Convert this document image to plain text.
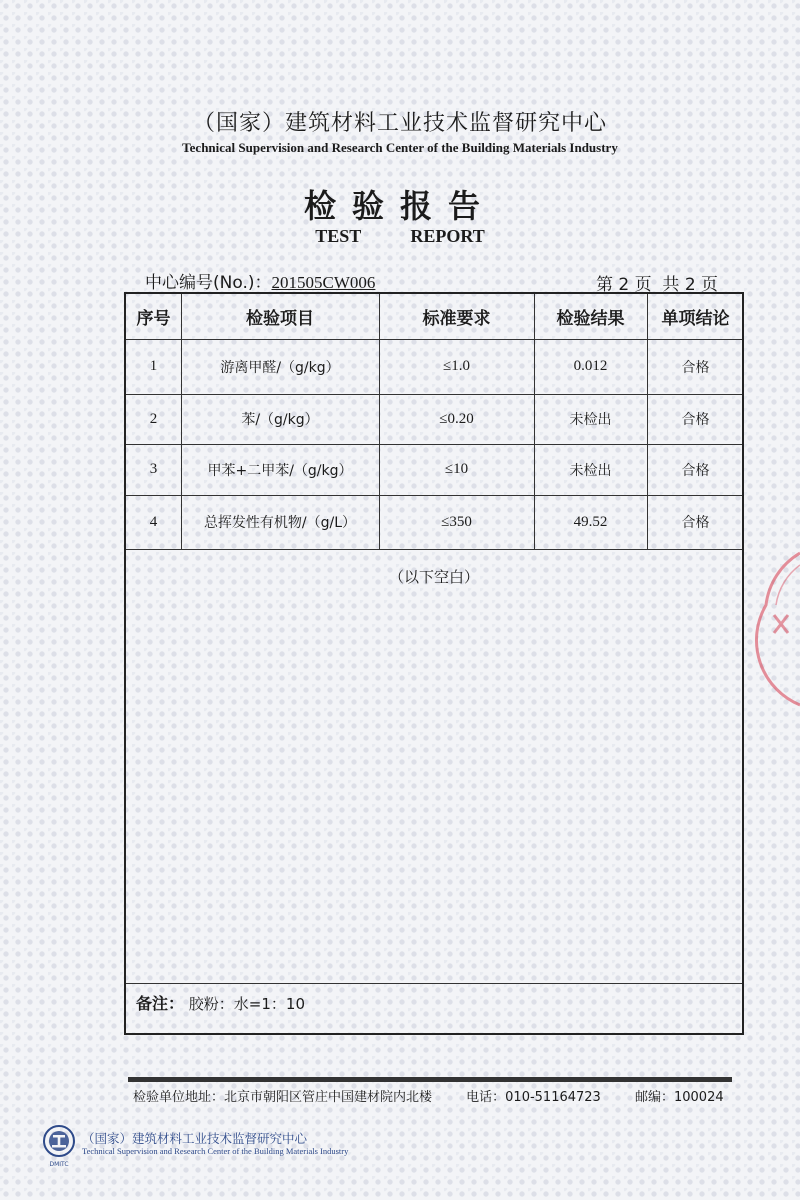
（国家）建筑材料工业技术监督研究中心
Technical Supervision and Research Center of the Building Materials Industry
检验报告
TEST   REPORT
中心编号(No.)：201505CW006	第 2 页  共 2 页
序号	检验项目	标准要求	检验结果	单项结论
1	游离甲醛/（g/kg）	≤1.0	0.012	合格
2	苯/（g/kg）	≤0.20	未检出	合格
3	甲苯+二甲苯/（g/kg）	≤10	未检出	合格
4	总挥发性有机物/（g/L）	≤350	49.52	合格
（以下空白）
备注： 胶粉：水=1：10
检验单位地址：北京市朝阳区管庄中国建材院内北楼	电话：010-51164723	邮编：100024
DMITC
（国家）建筑材料工业技术监督研究中心
Technical Supervision and Research Center of the Building Materials Industry
